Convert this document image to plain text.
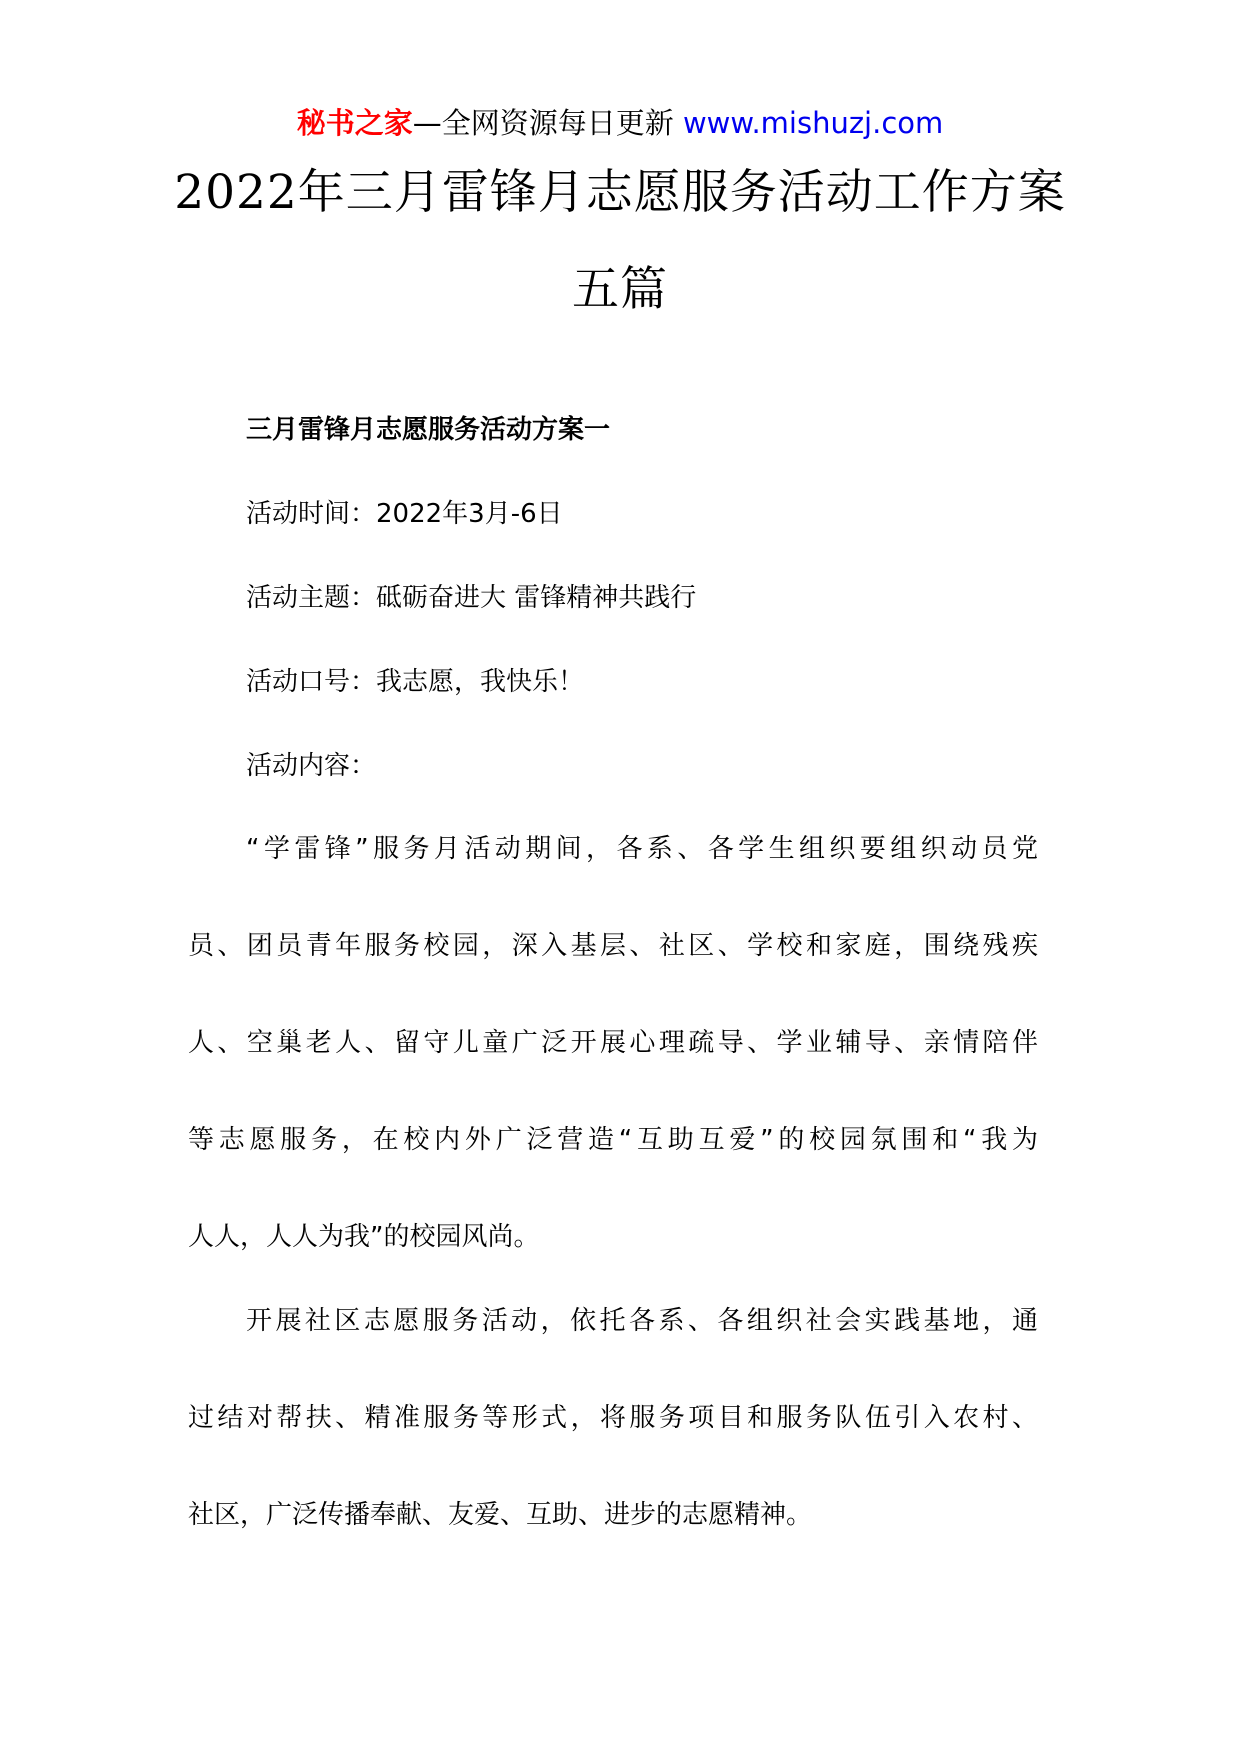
秘书之家—全网资源每日更新 www.mishuzj.com
2022年三月雷锋月志愿服务活动工作方案
五篇
三月雷锋月志愿服务活动方案一
活动时间：2022年3月-6日
活动主题：砥砺奋进大 雷锋精神共践行
活动口号：我志愿，我快乐！
活动内容：
“学雷锋”服务月活动期间，各系、各学生组织要组织动员党
员、团员青年服务校园，深入基层、社区、学校和家庭，围绕残疾
人、空巢老人、留守儿童广泛开展心理疏导、学业辅导、亲情陪伴
等志愿服务，在校内外广泛营造“互助互爱”的校园氛围和“我为
人人，人人为我”的校园风尚。
开展社区志愿服务活动，依托各系、各组织社会实践基地，通
过结对帮扶、精准服务等形式，将服务项目和服务队伍引入农村、
社区，广泛传播奉献、友爱、互助、进步的志愿精神。
